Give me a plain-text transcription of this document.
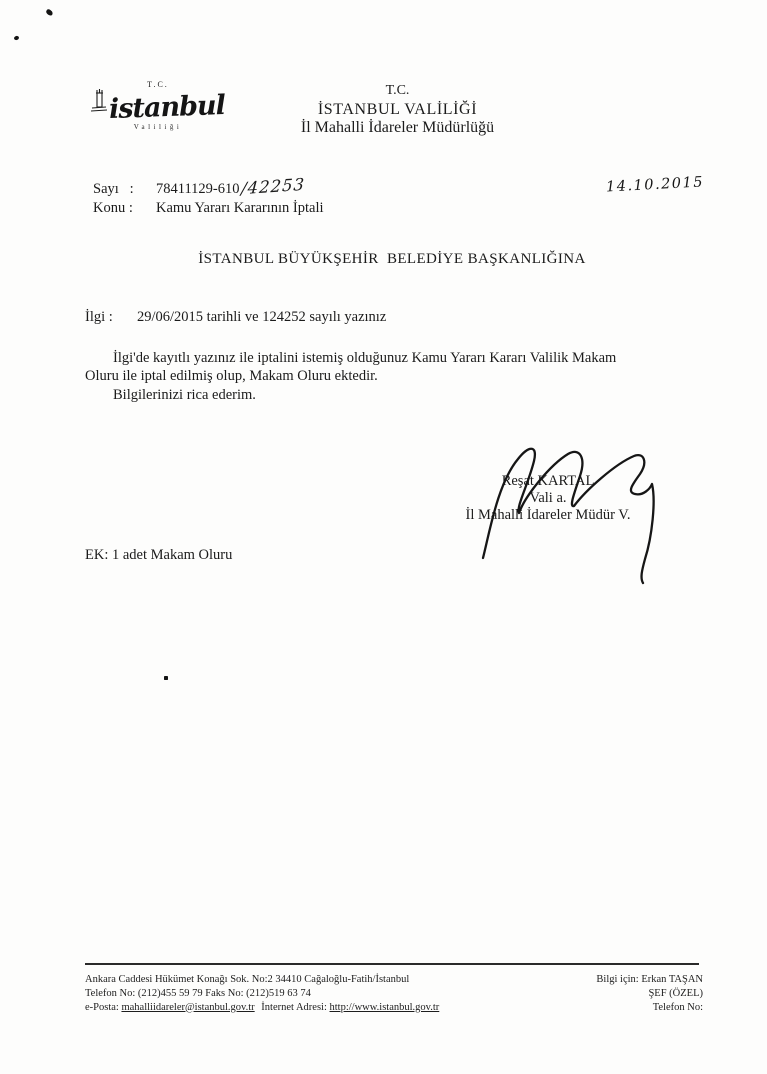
T.C.
istanbul
Valiliği
T.C.
İSTANBUL VALİLİĞİ
İl Mahalli İdareler Müdürlüğü
Sayı   : 78411129-610/42253
Konu : Kamu Yararı Kararının İptali
14.10.2015
İSTANBUL BÜYÜKŞEHİR  BELEDİYE BAŞKANLIĞINA
İlgi : 29/06/2015 tarihli ve 124252 sayılı yazınız
İlgi'de kayıtlı yazınız ile iptalini istemiş olduğunuz Kamu Yararı Kararı Valilik Makam
Oluru ile iptal edilmiş olup, Makam Oluru ektedir.
Bilgilerinizi rica ederim.
Reşat KARTAL
Vali a.
İl Mahalli İdareler Müdür V.
EK: 1 adet Makam Oluru
Ankara Caddesi Hükümet Konağı Sok. No:2 34410 Cağaloğlu-Fatih/İstanbul
Telefon No: (212)455 59 79 Faks No: (212)519 63 74
e-Posta: mahalliidareler@istanbul.gov.tr İnternet Adresi: http://www.istanbul.gov.tr
Bilgi için: Erkan TAŞAN
ŞEF (ÖZEL)
Telefon No:
